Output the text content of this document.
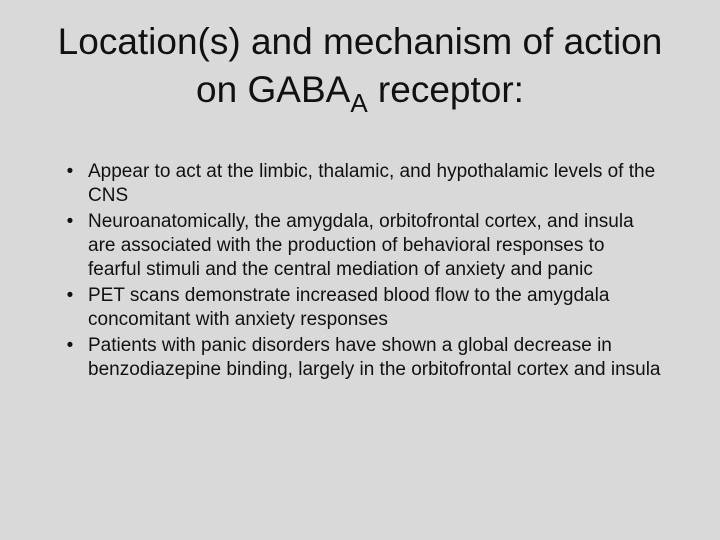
Location(s) and mechanism of action on $GABA_A$ receptor:
• Appear to act at the limbic, thalamic, and hypothalamic levels of the CNS
• Neuroanatomically, the amygdala, orbitofrontal cortex, and insula are associated with the production of behavioral responses to fearful stimuli and the central mediation of anxiety and panic
• PET scans demonstrate increased blood flow to the amygdala concomitant with anxiety responses
• Patients with panic disorders have shown a global decrease in benzodiazepine binding, largely in the orbitofrontal cortex and insula
